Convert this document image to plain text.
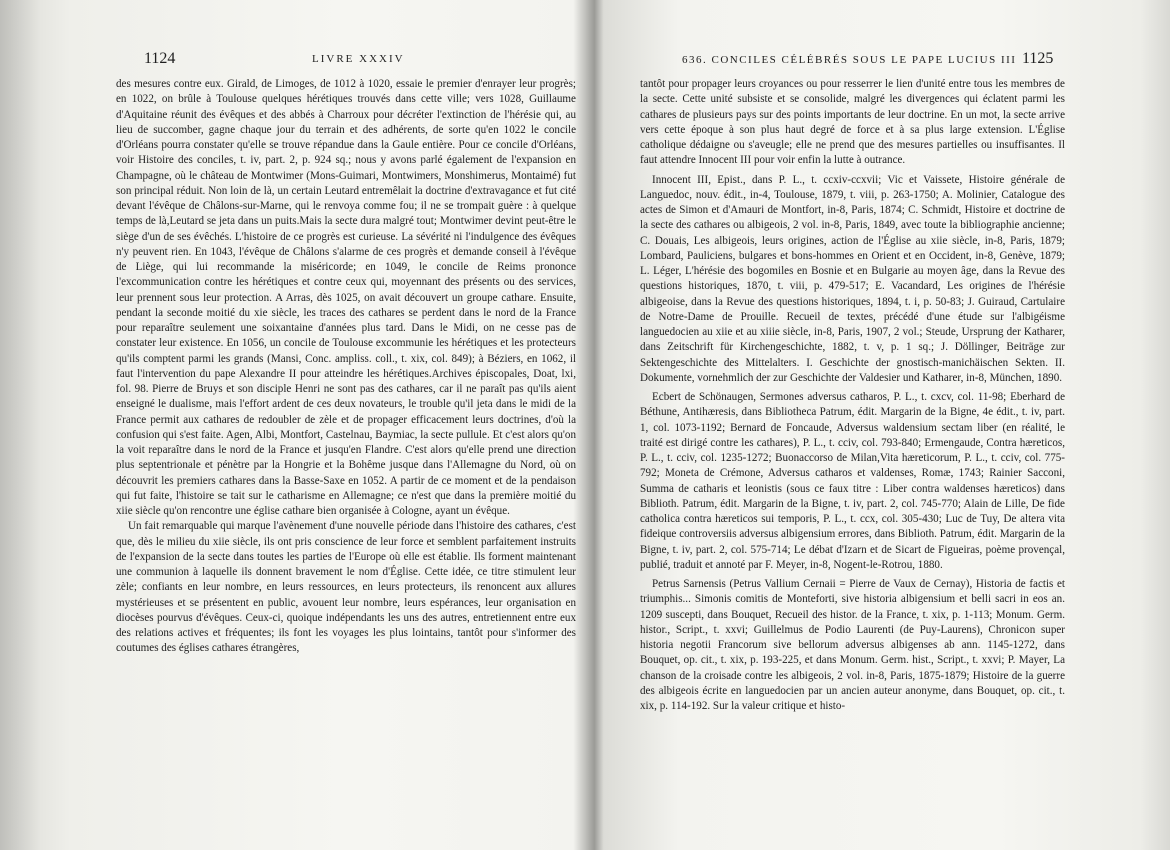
1124	LIVRE XXXIV

des mesures contre eux. Girald, de Limoges, de 1012 à 1020, essaie le premier d'enrayer leur progrès; en 1022, on brûle à Toulouse quelques hérétiques trouvés dans cette ville; vers 1028, Guillaume d'Aquitaine réunit des évêques et des abbés à Charroux pour décréter l'extinction de l'hérésie qui, au lieu de succomber, gagne chaque jour du terrain et des adhérents, de sorte qu'en 1022 le concile d'Orléans pourra constater qu'elle se trouve répandue dans la Gaule entière. Pour ce concile d'Orléans, voir Histoire des conciles, t. iv, part. 2, p. 924 sq.; nous y avons parlé également de l'expansion en Champagne, où le château de Montwimer (Mons-Guimari, Montwimers, Monshimerus, Montaimé) fut son principal réduit. Non loin de là, un certain Leutard entremêlait la doctrine d'extravagance et fut cité devant l'évêque de Châlons-sur-Marne, qui le renvoya comme fou; il ne se trompait guère : à quelque temps de là,Leutard se jeta dans un puits.Mais la secte dura malgré tout; Montwimer devint peut-être le siège d'un de ses évêchés. L'histoire de ce progrès est curieuse. La sévérité ni l'indulgence des évêques n'y peuvent rien. En 1043, l'évêque de Châlons s'alarme de ces progrès et demande conseil à l'évêque de Liège, qui lui recommande la miséricorde; en 1049, le concile de Reims prononce l'excommunication contre les hérétiques et contre ceux qui, moyennant des présents ou des services, leur prennent sous leur protection. A Arras, dès 1025, on avait découvert un groupe cathare. Ensuite, pendant la seconde moitié du xie siècle, les traces des cathares se perdent dans le nord de la France pour reparaître seulement une soixantaine d'années plus tard. Dans le Midi, on ne cesse pas de constater leur existence. En 1056, un concile de Toulouse excommunie les hérétiques et les protecteurs qu'ils comptent parmi les grands (Mansi, Conc. ampliss. coll., t. xix, col. 849); à Béziers, en 1062, il faut l'intervention du pape Alexandre II pour atteindre les hérétiques.Archives épiscopales, Doat, lxi, fol. 98. Pierre de Bruys et son disciple Henri ne sont pas des cathares, car il ne paraît pas qu'ils aient enseigné le dualisme, mais l'effort ardent de ces deux novateurs, le trouble qu'il jeta dans le midi de la France permit aux cathares de redoubler de zèle et de propager efficacement leurs doctrines, d'où la confusion qui s'est faite. Agen, Albi, Montfort, Castelnau, Baymiac, la secte pullule. Et c'est alors qu'on la voit reparaître dans le nord de la France et jusqu'en Flandre. C'est alors qu'elle prend une direction plus septentrionale et pénètre par la Hongrie et la Bohême jusque dans l'Allemagne du Nord, où on découvrit les premiers cathares dans la Basse-Saxe en 1052. A partir de ce moment et de la pendaison qui fut faite, l'histoire se tait sur le catharisme en Allemagne; ce n'est que dans la première moitié du xiie siècle qu'on rencontre une église cathare bien organisée à Cologne, ayant un évêque.

Un fait remarquable qui marque l'avènement d'une nouvelle période dans l'histoire des cathares, c'est que, dès le milieu du xiie siècle, ils ont pris conscience de leur force et semblent parfaitement instruits de l'expansion de la secte dans toutes les parties de l'Europe où elle est établie. Ils forment maintenant une communion à laquelle ils donnent bravement le nom d'Église. Cette idée, ce titre stimulent leur zèle; confiants en leur nombre, en leurs ressources, en leurs protecteurs, ils renoncent aux allures mystérieuses et se présentent en public, avouent leur nombre, leurs espérances, leur organisation en diocèses pourvus d'évêques. Ceux-ci, quoique indépendants les uns des autres, entretiennent entre eux des relations actives et fréquentes; ils font les voyages les plus lointains, tantôt pour s'informer des coutumes des églises cathares étrangères,

636. CONCILES CÉLÉBRÉS SOUS LE PAPE LUCIUS III 1125

tantôt pour propager leurs croyances ou pour resserrer le lien d'unité entre tous les membres de la secte. Cette unité subsiste et se consolide, malgré les divergences qui éclatent parmi les cathares de plusieurs pays sur des points importants de leur doctrine. En un mot, la secte arrive vers cette époque à son plus haut degré de force et à sa plus large extension. L'Église catholique dédaigne ou s'aveugle; elle ne prend que des mesures partielles ou insuffisantes. Il faut attendre Innocent III pour voir enfin la lutte à outrance.

Innocent III, Epist., dans P. L., t. ccxiv-ccxvii; Vic et Vaissete, Histoire générale de Languedoc, nouv. édit., in-4, Toulouse, 1879, t. viii, p. 263-1750; A. Molinier, Catalogue des actes de Simon et d'Amauri de Montfort, in-8, Paris, 1874; C. Schmidt, Histoire et doctrine de la secte des cathares ou albigeois, 2 vol. in-8, Paris, 1849, avec toute la bibliographie ancienne; C. Douais, Les albigeois, leurs origines, action de l'Église au xiie siècle, in-8, Paris, 1879; Lombard, Pauliciens, bulgares et bons-hommes en Orient et en Occident, in-8, Genève, 1879; L. Léger, L'hérésie des bogomiles en Bosnie et en Bulgarie au moyen âge, dans la Revue des questions historiques, 1870, t. viii, p. 479-517; E. Vacandard, Les origines de l'hérésie albigeoise, dans la Revue des questions historiques, 1894, t. i, p. 50-83; J. Guiraud, Cartulaire de Notre-Dame de Prouille. Recueil de textes, précédé d'une étude sur l'albigéisme languedocien au xiie et au xiiie siècle, in-8, Paris, 1907, 2 vol.; Steude, Ursprung der Katharer, dans Zeitschrift für Kirchengeschichte, 1882, t. v, p. 1 sq.; J. Döllinger, Beiträge zur Sektengeschichte des Mittelalters. I. Geschichte der gnostisch-manichäischen Sekten. II. Dokumente, vornehmlich der zur Geschichte der Valdesier und Katharer, in-8, München, 1890.

Ecbert de Schönaugen, Sermones adversus catharos, P. L., t. cxcv, col. 11-98; Eberhard de Béthune, Antihæresis, dans Bibliotheca Patrum, édit. Margarin de la Bigne, 4e édit., t. iv, part. 1, col. 1073-1192; Bernard de Foncaude, Adversus waldensium sectam liber (en réalité, le traité est dirigé contre les cathares), P. L., t. cciv, col. 793-840; Ermengaude, Contra hæreticos, P. L., t. cciv, col. 1235-1272; Buonaccorso de Milan,Vita hæreticorum, P. L., t. cciv, col. 775-792; Moneta de Crémone, Adversus catharos et valdenses, Romæ, 1743; Rainier Sacconi, Summa de catharis et leonistis (sous ce faux titre : Liber contra waldenses hæreticos) dans Biblioth. Patrum, édit. Margarin de la Bigne, t. iv, part. 2, col. 745-770; Alain de Lille, De fide catholica contra hæreticos sui temporis, P. L., t. ccx, col. 305-430; Luc de Tuy, De altera vita fideique controversiis adversus albigensium errores, dans Biblioth. Patrum, édit. Margarin de la Bigne, t. iv, part. 2, col. 575-714; Le débat d'Izarn et de Sicart de Figueiras, poème provençal, publié, traduit et annoté par F. Meyer, in-8, Nogent-le-Rotrou, 1880.

Petrus Sarnensis (Petrus Vallium Cernaii = Pierre de Vaux de Cernay), Historia de factis et triumphis... Simonis comitis de Monteforti, sive historia albigensium et belli sacri in eos an. 1209 suscepti, dans Bouquet, Recueil des histor. de la France, t. xix, p. 1-113; Monum. Germ. histor., Script., t. xxvi; Guillelmus de Podio Laurenti (de Puy-Laurens), Chronicon super historia negotii Francorum sive bellorum adversus albigenses ab ann. 1145-1272, dans Bouquet, op. cit., t. xix, p. 193-225, et dans Monum. Germ. hist., Script., t. xxvi; P. Mayer, La chanson de la croisade contre les albigeois, 2 vol. in-8, Paris, 1875-1879; Histoire de la guerre des albigeois écrite en languedocien par un ancien auteur anonyme, dans Bouquet, op. cit., t. xix, p. 114-192. Sur la valeur critique et histo-
